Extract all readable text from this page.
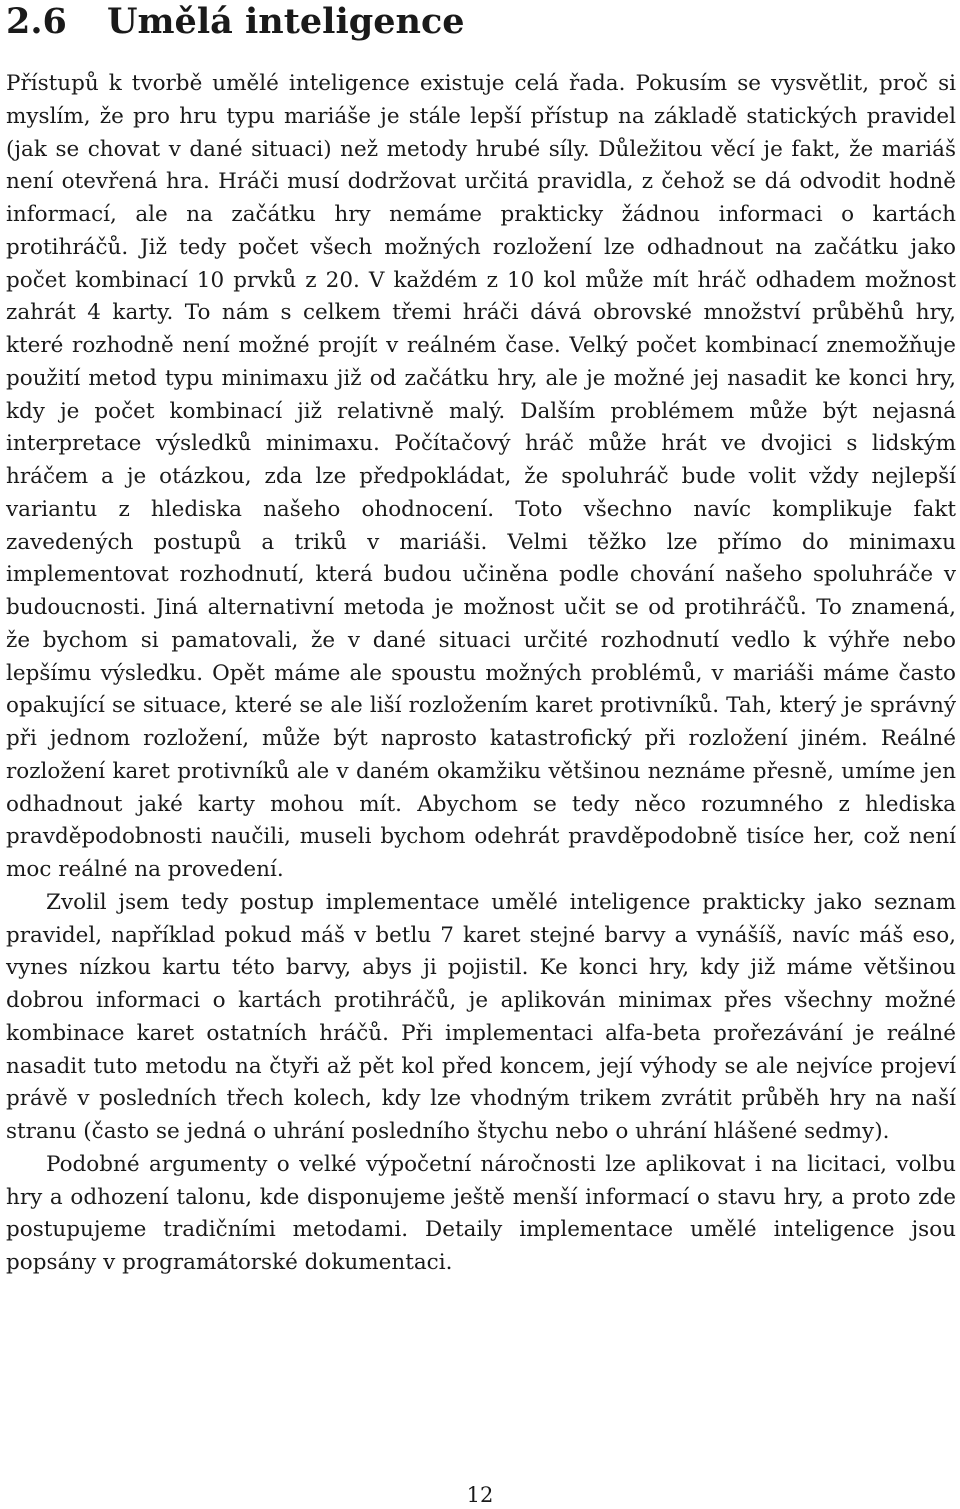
2.6 Umělá inteligence

Přístupů k tvorbě umělé inteligence existuje celá řada. Pokusím se vysvětlit, proč si myslím, že pro hru typu mariáše je stále lepší přístup na základě statických pravidel (jak se chovat v dané situaci) než metody hrubé síly. Důležitou věcí je fakt, že mariáš není otevřená hra. Hráči musí dodržovat určitá pravidla, z čehož se dá odvodit hodně informací, ale na začátku hry nemáme prakticky žádnou informaci o kartách protihráčů. Již tedy počet všech možných rozložení lze odhadnout na začátku jako počet kombinací 10 prvků z 20. V každém z 10 kol může mít hráč odhadem možnost zahrát 4 karty. To nám s celkem třemi hráči dává obrovské množství průběhů hry, které rozhodně není možné projít v reálném čase. Velký počet kombinací znemožňuje použití metod typu minimaxu již od začátku hry, ale je možné jej nasadit ke konci hry, kdy je počet kombinací již relativně malý. Dalším problémem může být nejasná interpretace výsledků minimaxu. Počítačový hráč může hrát ve dvojici s lidským hráčem a je otázkou, zda lze předpokládat, že spoluhráč bude volit vždy nejlepší variantu z hlediska našeho ohodnocení. Toto všechno navíc komplikuje fakt zavedených postupů a triků v mariáši. Velmi těžko lze přímo do minimaxu implementovat rozhodnutí, která budou učiněna podle chování našeho spoluhráče v budoucnosti. Jiná alternativní metoda je možnost učit se od protihráčů. To znamená, že bychom si pamatovali, že v dané situaci určité rozhodnutí vedlo k výhře nebo lepšímu výsledku. Opět máme ale spoustu možných problémů, v mariáši máme často opakující se situace, které se ale liší rozložením karet protivníků. Tah, který je správný při jednom rozložení, může být naprosto katastrofický při rozložení jiném. Reálné rozložení karet protivníků ale v daném okamžiku většinou neznáme přesně, umíme jen odhadnout jaké karty mohou mít. Abychom se tedy něco rozumného z hlediska pravděpodobnosti naučili, museli bychom odehrát pravděpodobně tisíce her, což není moc reálné na provedení.

Zvolil jsem tedy postup implementace umělé inteligence prakticky jako seznam pravidel, například pokud máš v betlu 7 karet stejné barvy a vynášíš, navíc máš eso, vynes nízkou kartu této barvy, abys ji pojistil. Ke konci hry, kdy již máme většinou dobrou informaci o kartách protihráčů, je aplikován minimax přes všechny možné kombinace karet ostatních hráčů. Při implementaci alfa-beta prořezávání je reálné nasadit tuto metodu na čtyři až pět kol před koncem, její výhody se ale nejvíce projeví právě v posledních třech kolech, kdy lze vhodným trikem zvrátit průběh hry na naší stranu (často se jedná o uhrání posledního štychu nebo o uhrání hlášené sedmy).

Podobné argumenty o velké výpočetní náročnosti lze aplikovat i na licitaci, volbu hry a odhození talonu, kde disponujeme ještě menší informací o stavu hry, a proto zde postupujeme tradičními metodami. Detaily implementace umělé inteligence jsou popsány v programátorské dokumentaci.

12
